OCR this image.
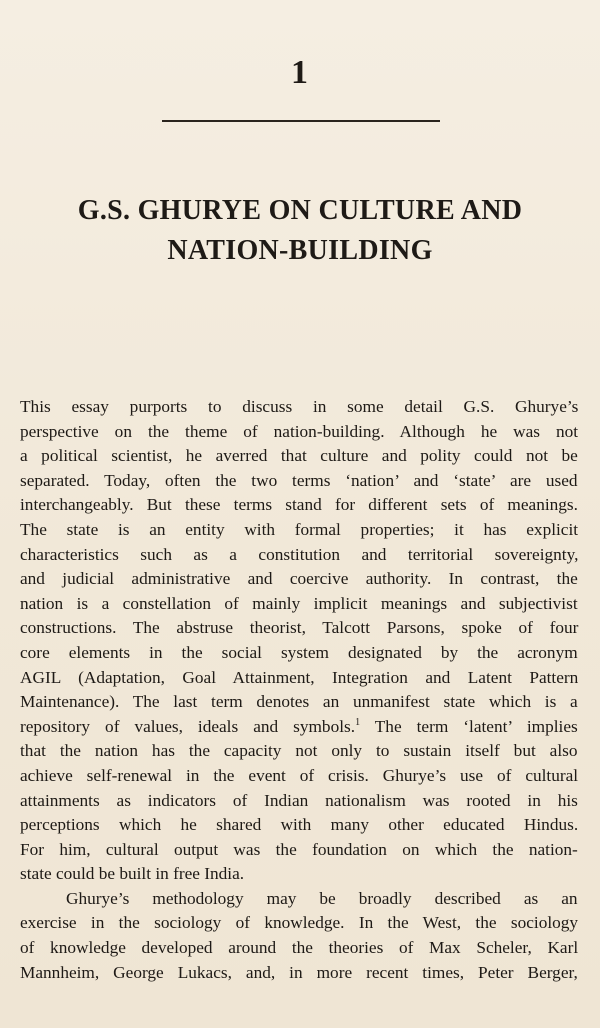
1
G.S. GHURYE ON CULTURE AND
NATION-BUILDING
This essay purports to discuss in some detail G.S. Ghurye’s
perspective on the theme of nation-building. Although he was not
a political scientist, he averred that culture and polity could not be
separated. Today, often the two terms ‘nation’ and ‘state’ are used
interchangeably. But these terms stand for different sets of meanings.
The state is an entity with formal properties; it has explicit
characteristics such as a constitution and territorial sovereignty,
and judicial administrative and coercive authority. In contrast, the
nation is a constellation of mainly implicit meanings and subjectivist
constructions. The abstruse theorist, Talcott Parsons, spoke of four
core elements in the social system designated by the acronym
AGIL (Adaptation, Goal Attainment, Integration and Latent Pattern
Maintenance). The last term denotes an unmanifest state which is a
repository of values, ideals and symbols.$^1$ The term ‘latent’ implies
that the nation has the capacity not only to sustain itself but also
achieve self-renewal in the event of crisis. Ghurye’s use of cultural
attainments as indicators of Indian nationalism was rooted in his
perceptions which he shared with many other educated Hindus.
For him, cultural output was the foundation on which the nation-
state could be built in free India.
Ghurye’s methodology may be broadly described as an
exercise in the sociology of knowledge. In the West, the sociology
of knowledge developed around the theories of Max Scheler, Karl
Mannheim, George Lukacs, and, in more recent times, Peter Berger,
